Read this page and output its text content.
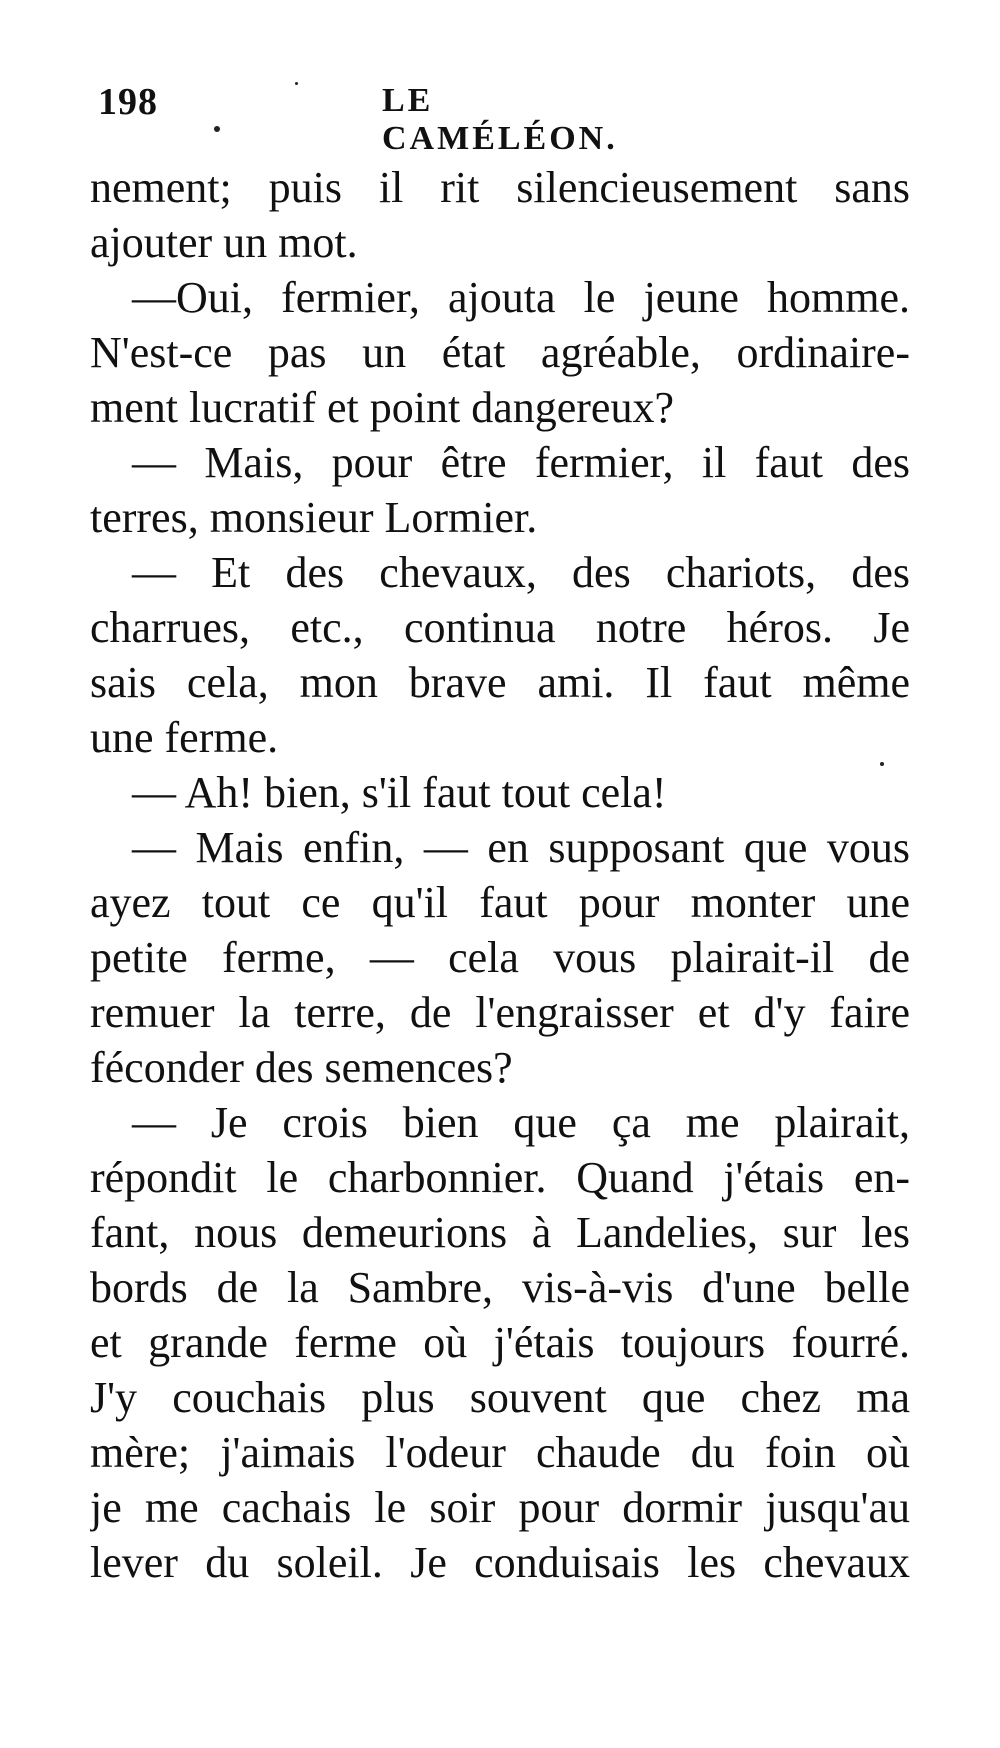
198	LE CAMÉLÉON.
nement; puis il rit silencieusement sans
ajouter un mot.
—Oui, fermier, ajouta le jeune homme.
N'est-ce pas un état agréable, ordinaire-
ment lucratif et point dangereux?
— Mais, pour être fermier, il faut des
terres, monsieur Lormier.
— Et des chevaux, des chariots, des
charrues, etc., continua notre héros. Je
sais cela, mon brave ami. Il faut même
une ferme.
— Ah! bien, s'il faut tout cela!
— Mais enfin, — en supposant que vous
ayez tout ce qu'il faut pour monter une
petite ferme, — cela vous plairait-il de
remuer la terre, de l'engraisser et d'y faire
féconder des semences?
— Je crois bien que ça me plairait,
répondit le charbonnier. Quand j'étais en-
fant, nous demeurions à Landelies, sur les
bords de la Sambre, vis-à-vis d'une belle
et grande ferme où j'étais toujours fourré.
J'y couchais plus souvent que chez ma
mère; j'aimais l'odeur chaude du foin où
je me cachais le soir pour dormir jusqu'au
lever du soleil. Je conduisais les chevaux
